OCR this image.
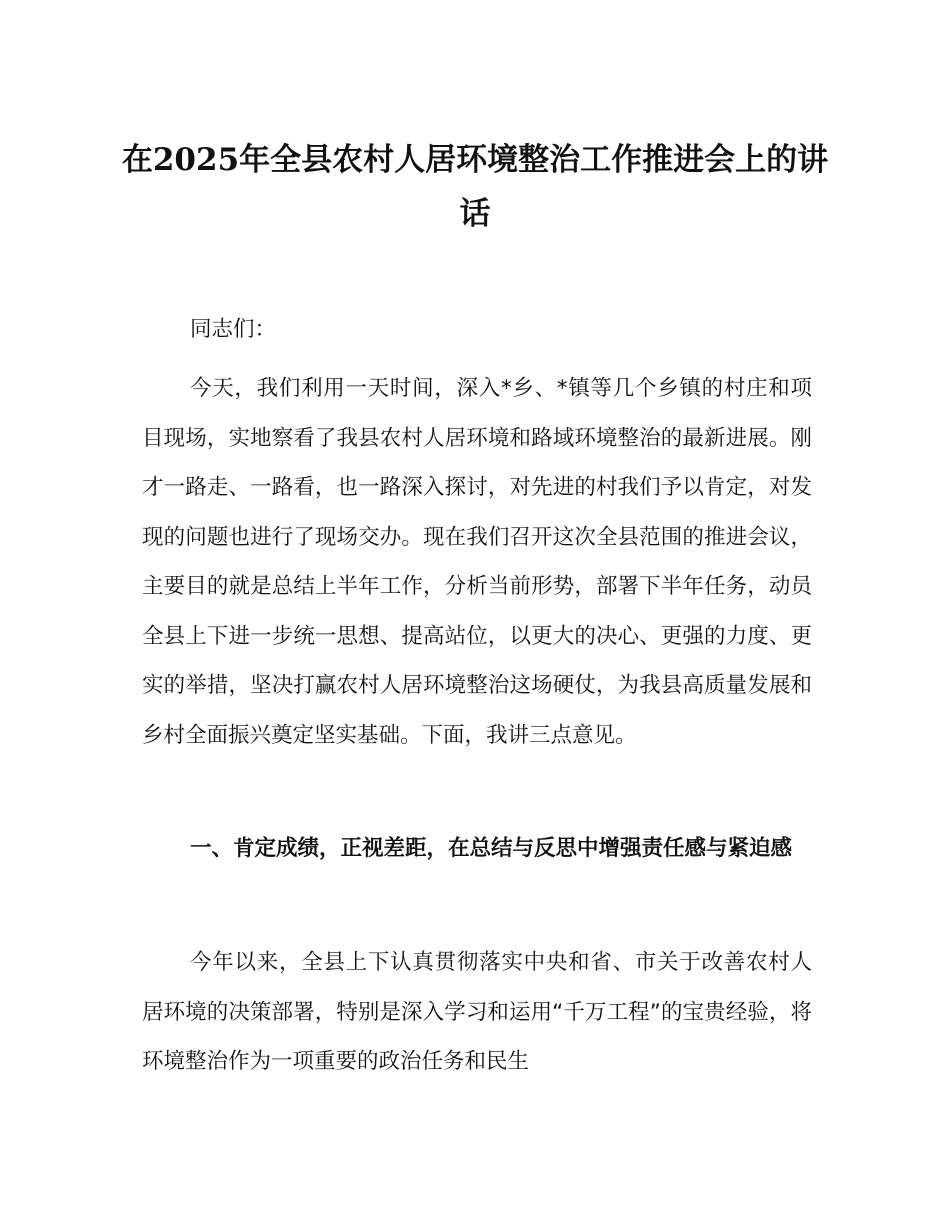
在2025年全县农村人居环境整治工作推进会上的讲话

同志们：

今天，我们利用一天时间，深入*乡、*镇等几个乡镇的村庄和项目现场，实地察看了我县农村人居环境和路域环境整治的最新进展。刚才一路走、一路看，也一路深入探讨，对先进的村我们予以肯定，对发现的问题也进行了现场交办。现在我们召开这次全县范围的推进会议，主要目的就是总结上半年工作，分析当前形势，部署下半年任务，动员全县上下进一步统一思想、提高站位，以更大的决心、更强的力度、更实的举措，坚决打赢农村人居环境整治这场硬仗，为我县高质量发展和乡村全面振兴奠定坚实基础。下面，我讲三点意见。

一、肯定成绩，正视差距，在总结与反思中增强责任感与紧迫感

今年以来，全县上下认真贯彻落实中央和省、市关于改善农村人居环境的决策部署，特别是深入学习和运用“千万工程”的宝贵经验，将环境整治作为一项重要的政治任务和民生
